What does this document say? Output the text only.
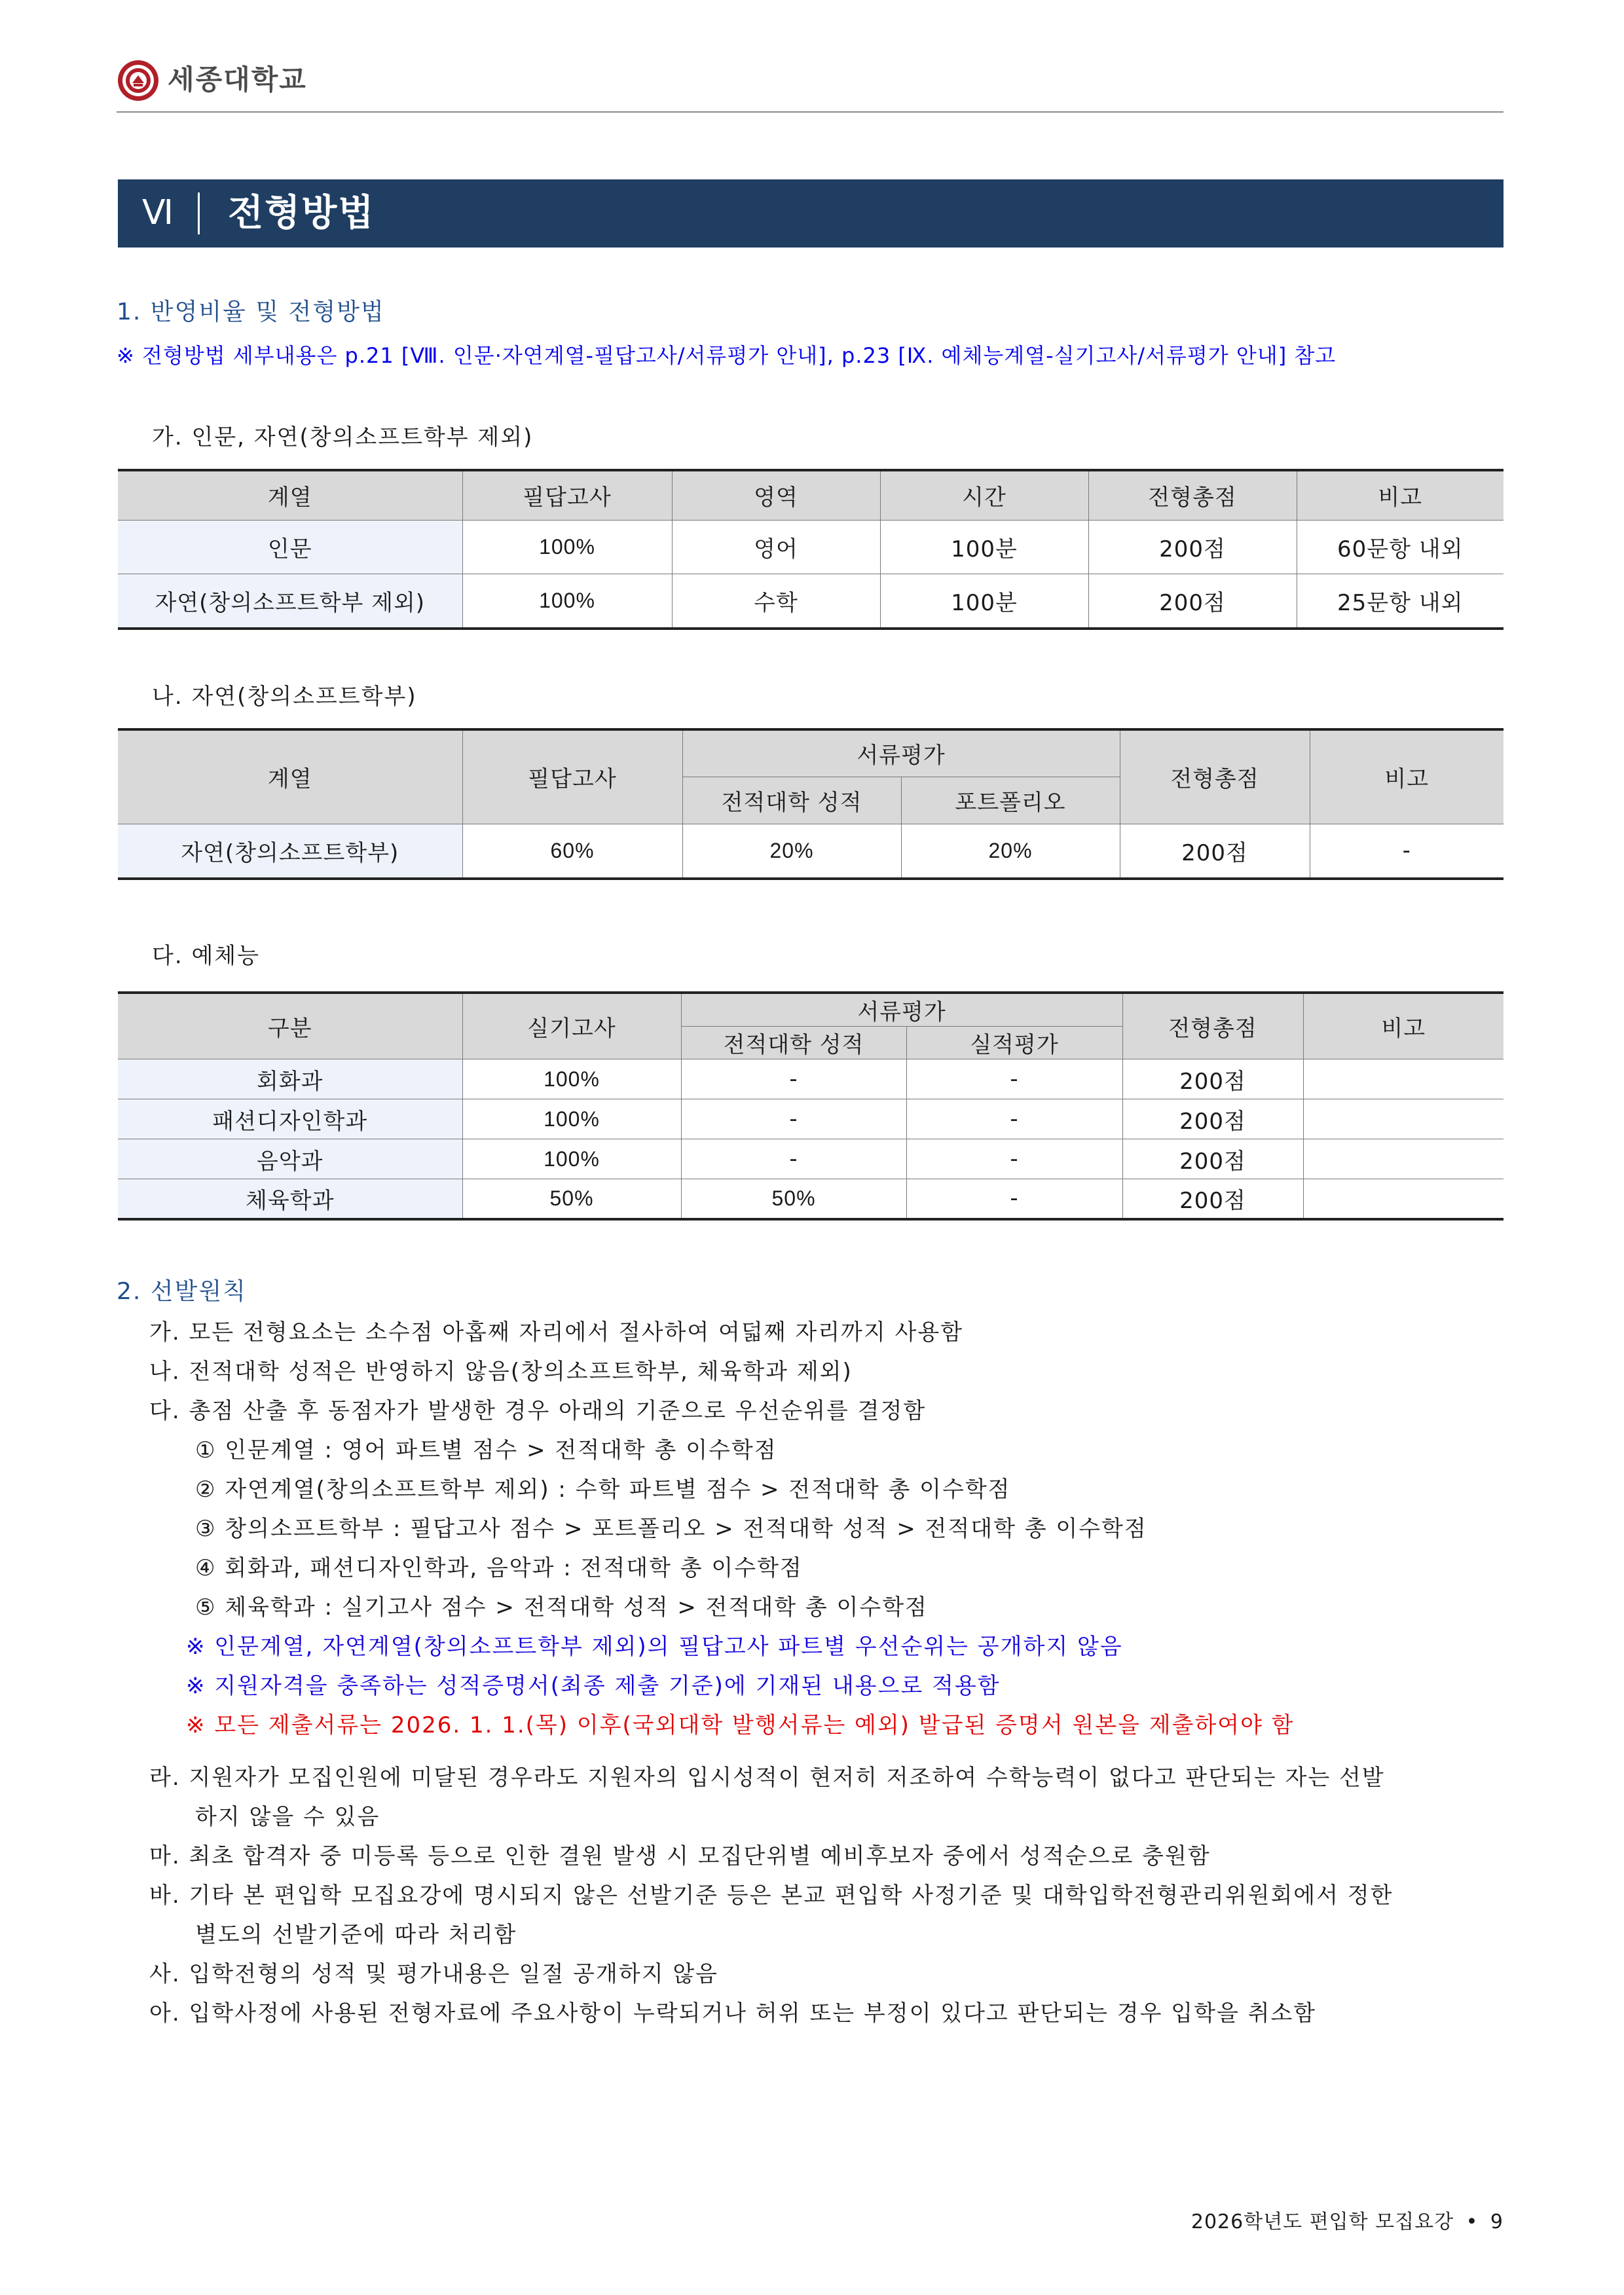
세종대학교
Ⅵ	전형방법
1. 반영비율 및 전형방법
※ 전형방법 세부내용은 p.21 [Ⅷ. 인문·자연계열-필답고사/서류평가 안내], p.23 [Ⅸ. 예체능계열-실기고사/서류평가 안내] 참고
가. 인문, 자연(창의소프트학부 제외)
계열	필답고사	영역	시간	전형총점	비고
인문	100%	영어	100분	200점	60문항 내외
자연(창의소프트학부 제외)	100%	수학	100분	200점	25문항 내외
나. 자연(창의소프트학부)
계열	필답고사	서류평가		전형총점	비고
		전적대학 성적	포트폴리오		
자연(창의소프트학부)	60%	20%	20%	200점	-
다. 예체능
구분	실기고사	서류평가		전형총점	비고
		전적대학 성적	실적평가		
회화과	100%	-	-	200점	
패션디자인학과	100%	-	-	200점	
음악과	100%	-	-	200점	
체육학과	50%	50%	-	200점	
2. 선발원칙
가. 모든 전형요소는 소수점 아홉째 자리에서 절사하여 여덟째 자리까지 사용함
나. 전적대학 성적은 반영하지 않음(창의소프트학부, 체육학과 제외)
다. 총점 산출 후 동점자가 발생한 경우 아래의 기준으로 우선순위를 결정함
① 인문계열 : 영어 파트별 점수 > 전적대학 총 이수학점
② 자연계열(창의소프트학부 제외) : 수학 파트별 점수 > 전적대학 총 이수학점
③ 창의소프트학부 : 필답고사 점수 > 포트폴리오 > 전적대학 성적 > 전적대학 총 이수학점
④ 회화과, 패션디자인학과, 음악과 : 전적대학 총 이수학점
⑤ 체육학과 : 실기고사 점수 > 전적대학 성적 > 전적대학 총 이수학점
※ 인문계열, 자연계열(창의소프트학부 제외)의 필답고사 파트별 우선순위는 공개하지 않음
※ 지원자격을 충족하는 성적증명서(최종 제출 기준)에 기재된 내용으로 적용함
※ 모든 제출서류는 2026. 1. 1.(목) 이후(국외대학 발행서류는 예외) 발급된 증명서 원본을 제출하여야 함
라. 지원자가 모집인원에 미달된 경우라도 지원자의 입시성적이 현저히 저조하여 수학능력이 없다고 판단되는 자는 선발
하지 않을 수 있음
마. 최초 합격자 중 미등록 등으로 인한 결원 발생 시 모집단위별 예비후보자 중에서 성적순으로 충원함
바. 기타 본 편입학 모집요강에 명시되지 않은 선발기준 등은 본교 편입학 사정기준 및 대학입학전형관리위원회에서 정한
별도의 선발기준에 따라 처리함
사. 입학전형의 성적 및 평가내용은 일절 공개하지 않음
아. 입학사정에 사용된 전형자료에 주요사항이 누락되거나 허위 또는 부정이 있다고 판단되는 경우 입학을 취소함
2026학년도 편입학 모집요강 • 9
